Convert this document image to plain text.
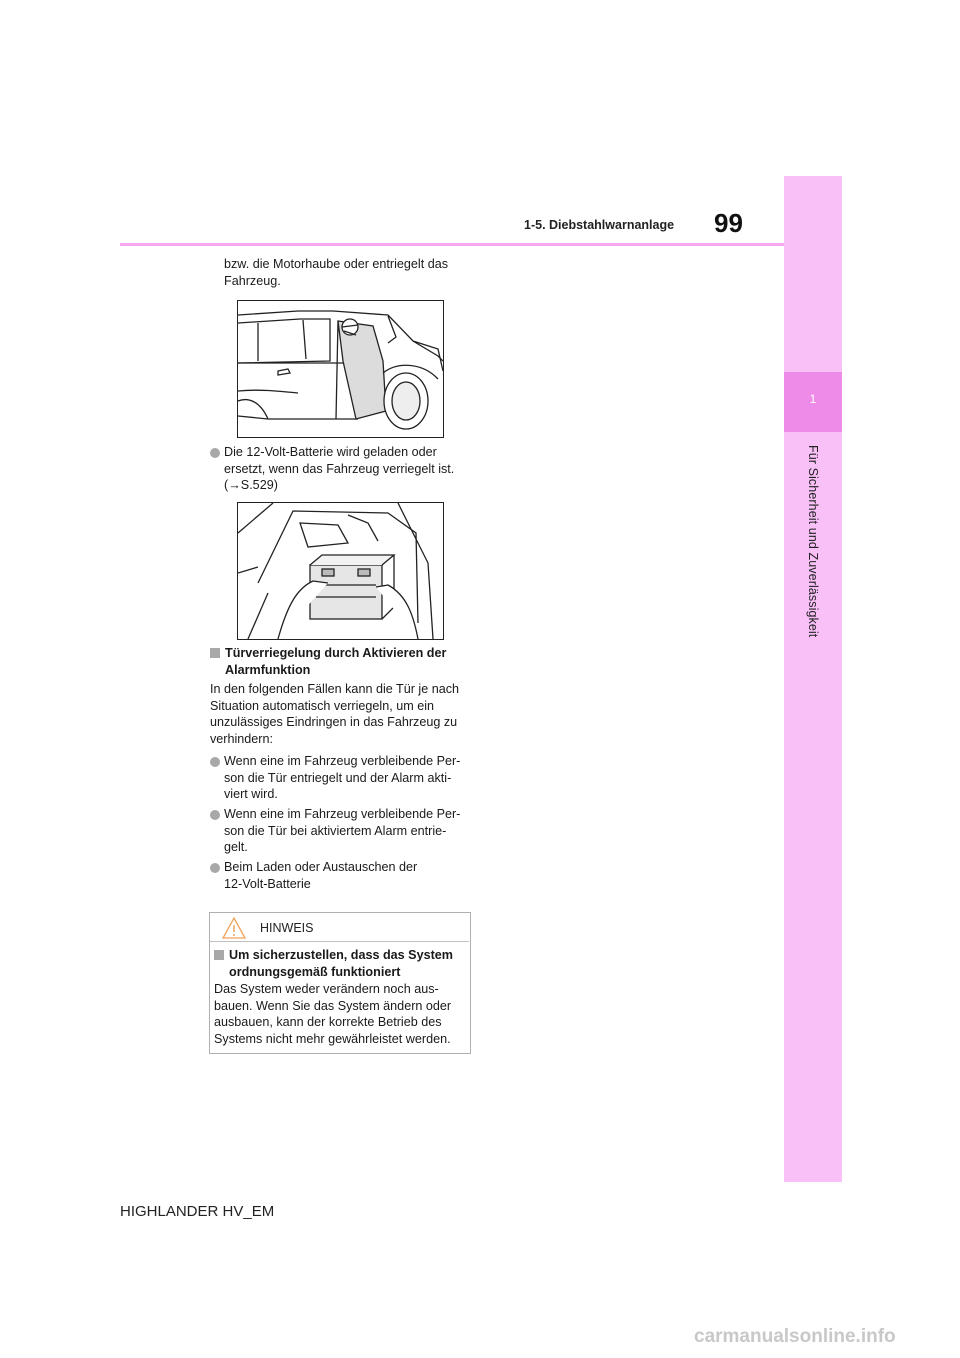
99
1-5. Diebstahlwarnanlage
1
Für Sicherheit und Zuverlässigkeit
bzw. die Motorhaube oder entriegelt das
Fahrzeug.
Die 12-Volt-Batterie wird geladen oder
ersetzt, wenn das Fahrzeug verriegelt ist.
(→S.529)
Türverriegelung durch Aktivieren der
Alarmfunktion
In den folgenden Fällen kann die Tür je nach
Situation automatisch verriegeln, um ein
unzulässiges Eindringen in das Fahrzeug zu
verhindern:
Wenn eine im Fahrzeug verbleibende Per-
son die Tür entriegelt und der Alarm akti-
viert wird.
Wenn eine im Fahrzeug verbleibende Per-
son die Tür bei aktiviertem Alarm entrie-
gelt.
Beim Laden oder Austauschen der
12-Volt-Batterie
HINWEIS
Um sicherzustellen, dass das System
ordnungsgemäß funktioniert
Das System weder verändern noch aus-
bauen. Wenn Sie das System ändern oder
ausbauen, kann der korrekte Betrieb des
Systems nicht mehr gewährleistet werden.
HIGHLANDER HV_EM
carmanualsonline.info
